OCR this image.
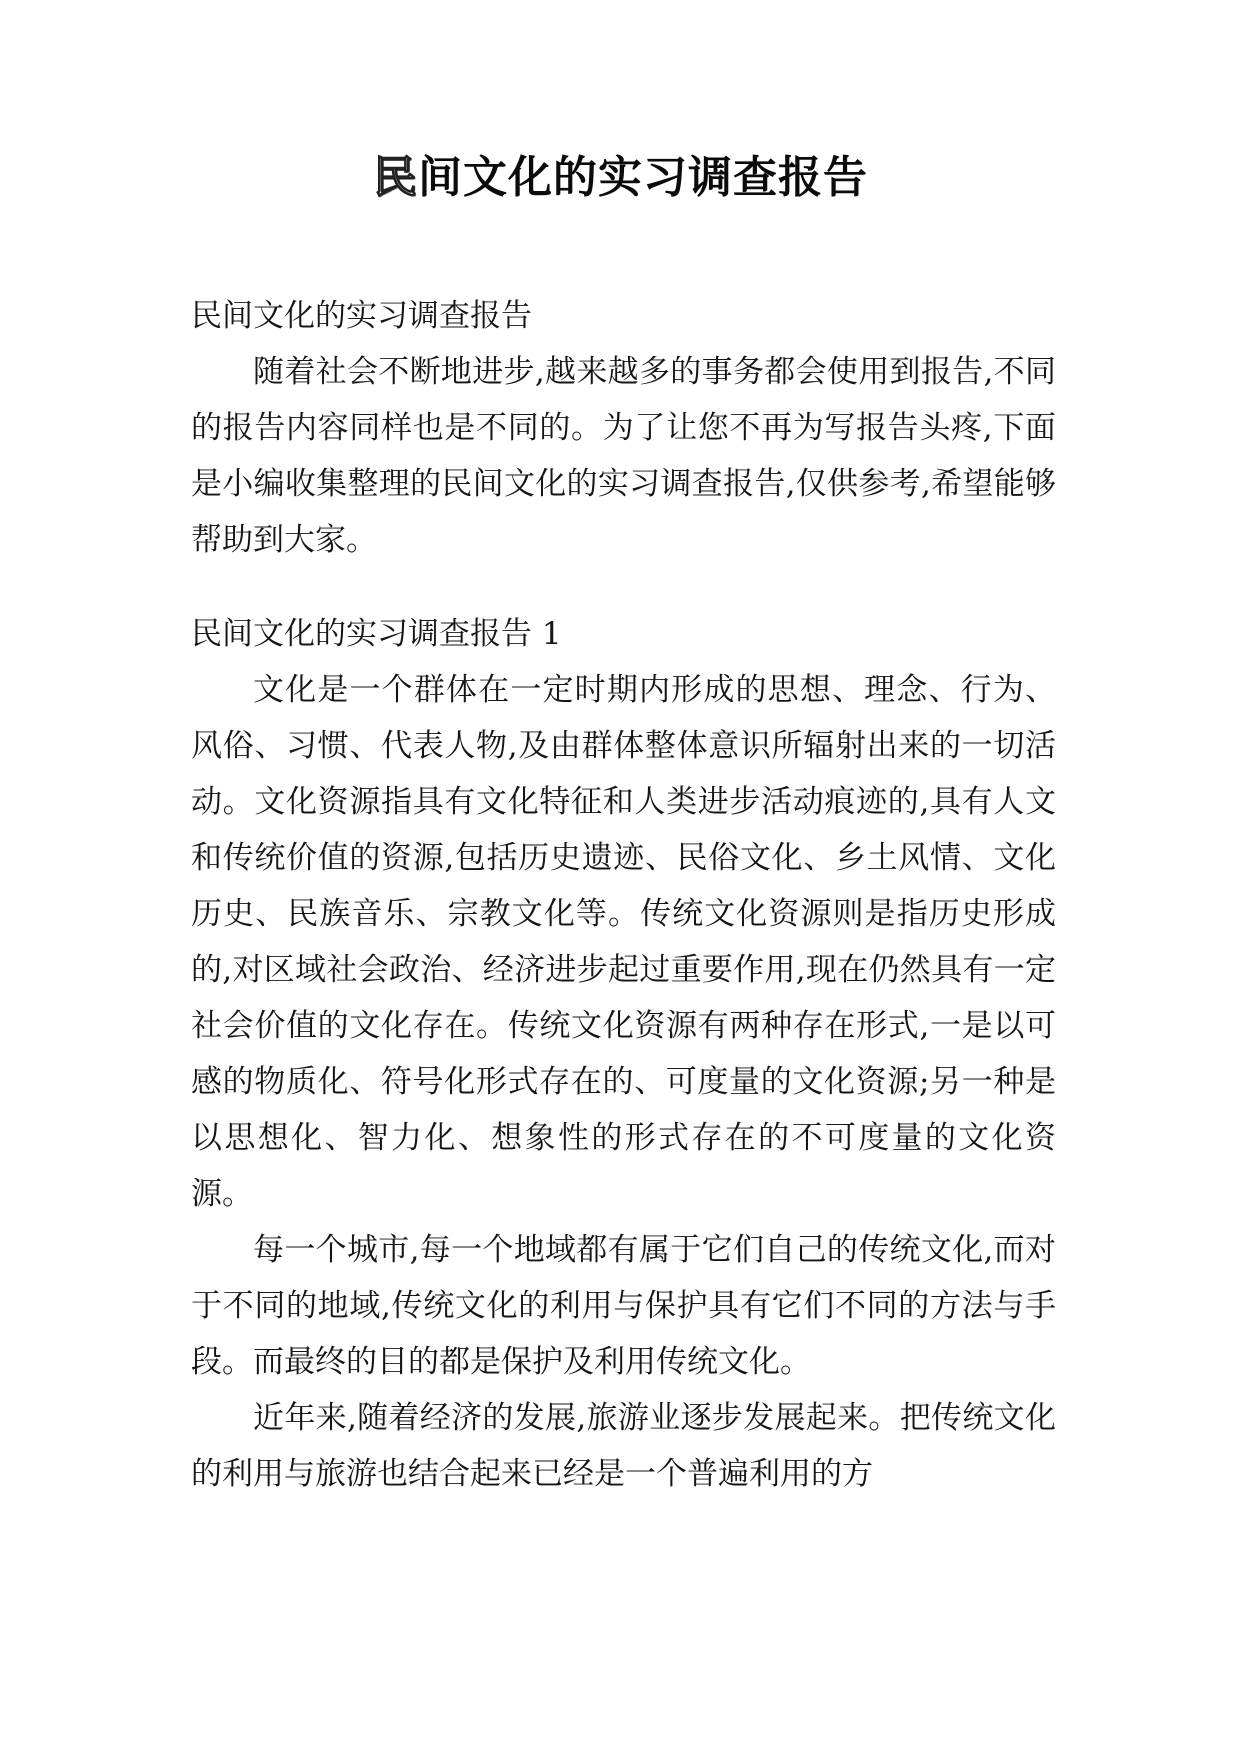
民间文化的实习调查报告

民间文化的实习调查报告

随着社会不断地进步,越来越多的事务都会使用到报告,不同的报告内容同样也是不同的。为了让您不再为写报告头疼,下面是小编收集整理的民间文化的实习调查报告,仅供参考,希望能够帮助到大家。

民间文化的实习调查报告 1

文化是一个群体在一定时期内形成的思想、理念、行为、风俗、习惯、代表人物,及由群体整体意识所辐射出来的一切活动。文化资源指具有文化特征和人类进步活动痕迹的,具有人文和传统价值的资源,包括历史遗迹、民俗文化、乡土风情、文化历史、民族音乐、宗教文化等。传统文化资源则是指历史形成的,对区域社会政治、经济进步起过重要作用,现在仍然具有一定社会价值的文化存在。传统文化资源有两种存在形式,一是以可感的物质化、符号化形式存在的、可度量的文化资源;另一种是以思想化、智力化、想象性的形式存在的不可度量的文化资源。

每一个城市,每一个地域都有属于它们自己的传统文化,而对于不同的地域,传统文化的利用与保护具有它们不同的方法与手段。而最终的目的都是保护及利用传统文化。

近年来,随着经济的发展,旅游业逐步发展起来。把传统文化的利用与旅游也结合起来已经是一个普遍利用的方
